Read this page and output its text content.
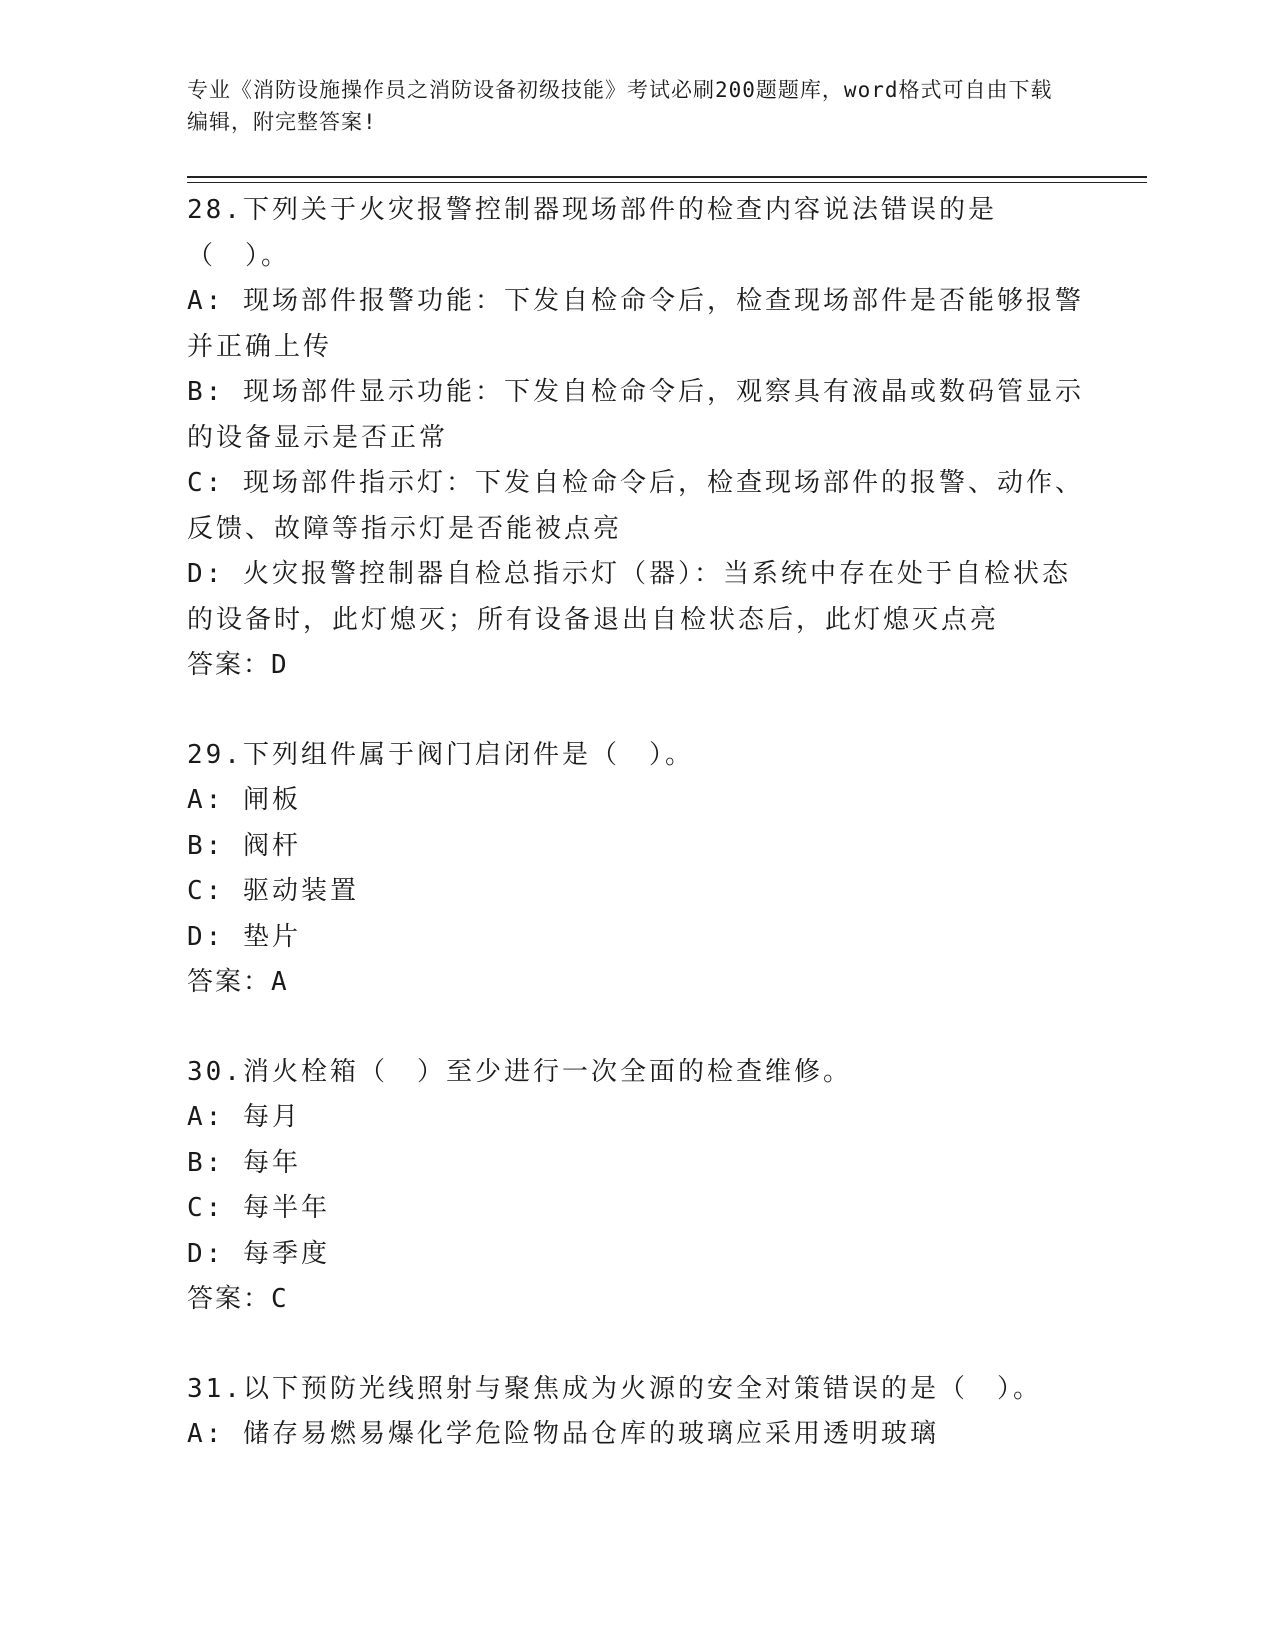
专业《消防设施操作员之消防设备初级技能》考试必刷200题题库，word格式可自由下载编辑，附完整答案!

28.下列关于火灾报警控制器现场部件的检查内容说法错误的是（　）。

A: 现场部件报警功能：下发自检命令后，检查现场部件是否能够报警并正确上传

B: 现场部件显示功能：下发自检命令后，观察具有液晶或数码管显示的设备显示是否正常

C: 现场部件指示灯：下发自检命令后，检查现场部件的报警、动作、反馈、故障等指示灯是否能被点亮

D: 火灾报警控制器自检总指示灯（器）：当系统中存在处于自检状态的设备时，此灯熄灭；所有设备退出自检状态后，此灯熄灭点亮

答案：D

29.下列组件属于阀门启闭件是（　）。

A: 闸板

B: 阀杆

C: 驱动装置

D: 垫片

答案：A

30.消火栓箱（　）至少进行一次全面的检查维修。

A: 每月

B: 每年

C: 每半年

D: 每季度

答案：C

31.以下预防光线照射与聚焦成为火源的安全对策错误的是（　）。

A: 储存易燃易爆化学危险物品仓库的玻璃应采用透明玻璃
